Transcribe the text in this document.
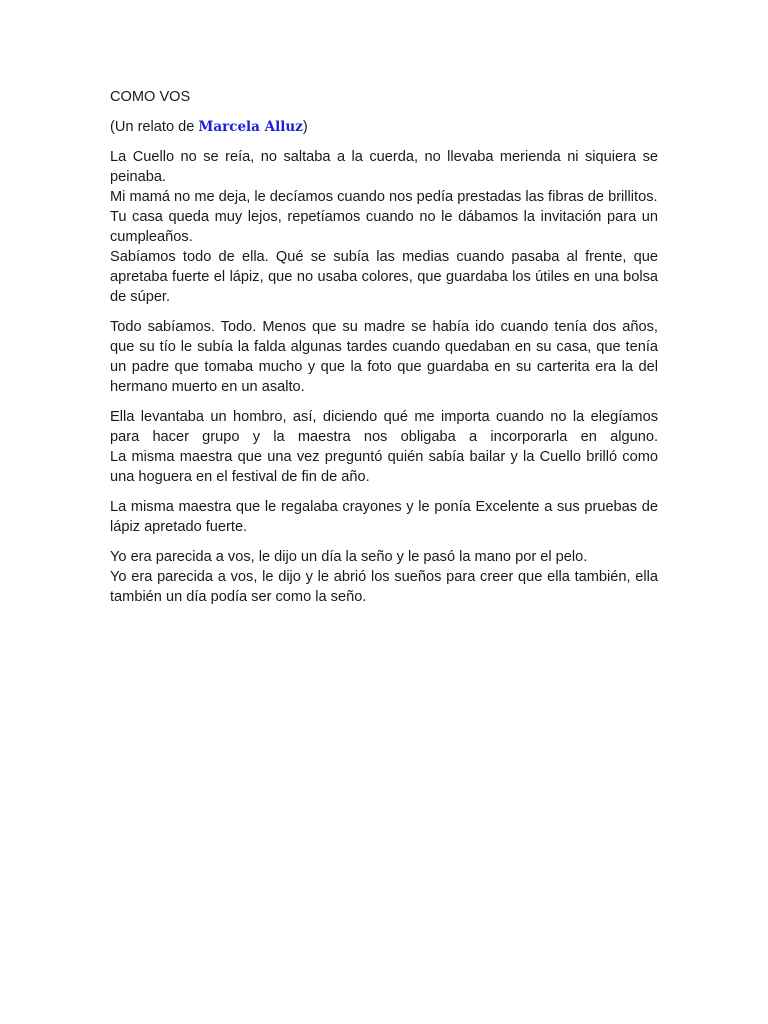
COMO VOS

(Un relato de Marcela Alluz)

La Cuello no se reía, no saltaba a la cuerda, no llevaba merienda ni siquiera se peinaba.
Mi mamá no me deja, le decíamos cuando nos pedía prestadas las fibras de brillitos.
Tu casa queda muy lejos, repetíamos cuando no le dábamos la invitación para un cumpleaños.
Sabíamos todo de ella. Qué se subía las medias cuando pasaba al frente, que apretaba fuerte el lápiz, que no usaba colores, que guardaba los útiles en una bolsa de súper.
Todo sabíamos. Todo. Menos que su madre se había ido cuando tenía dos años, que su tío le subía la falda algunas tardes cuando quedaban en su casa, que tenía un padre que tomaba mucho y que la foto que guardaba en su carterita era la del hermano muerto en un asalto.
Ella levantaba un hombro, así, diciendo qué me importa cuando no la elegíamos para hacer grupo y la maestra nos obligaba a incorporarla en alguno.
La misma maestra que una vez preguntó quién sabía bailar y la Cuello brilló como una hoguera en el festival de fin de año.
La misma maestra que le regalaba crayones y le ponía Excelente a sus pruebas de lápiz apretado fuerte.
Yo era parecida a vos, le dijo un día la seño y le pasó la mano por el pelo.
Yo era parecida a vos, le dijo y le abrió los sueños para creer que ella también, ella también un día podía ser como la seño.
